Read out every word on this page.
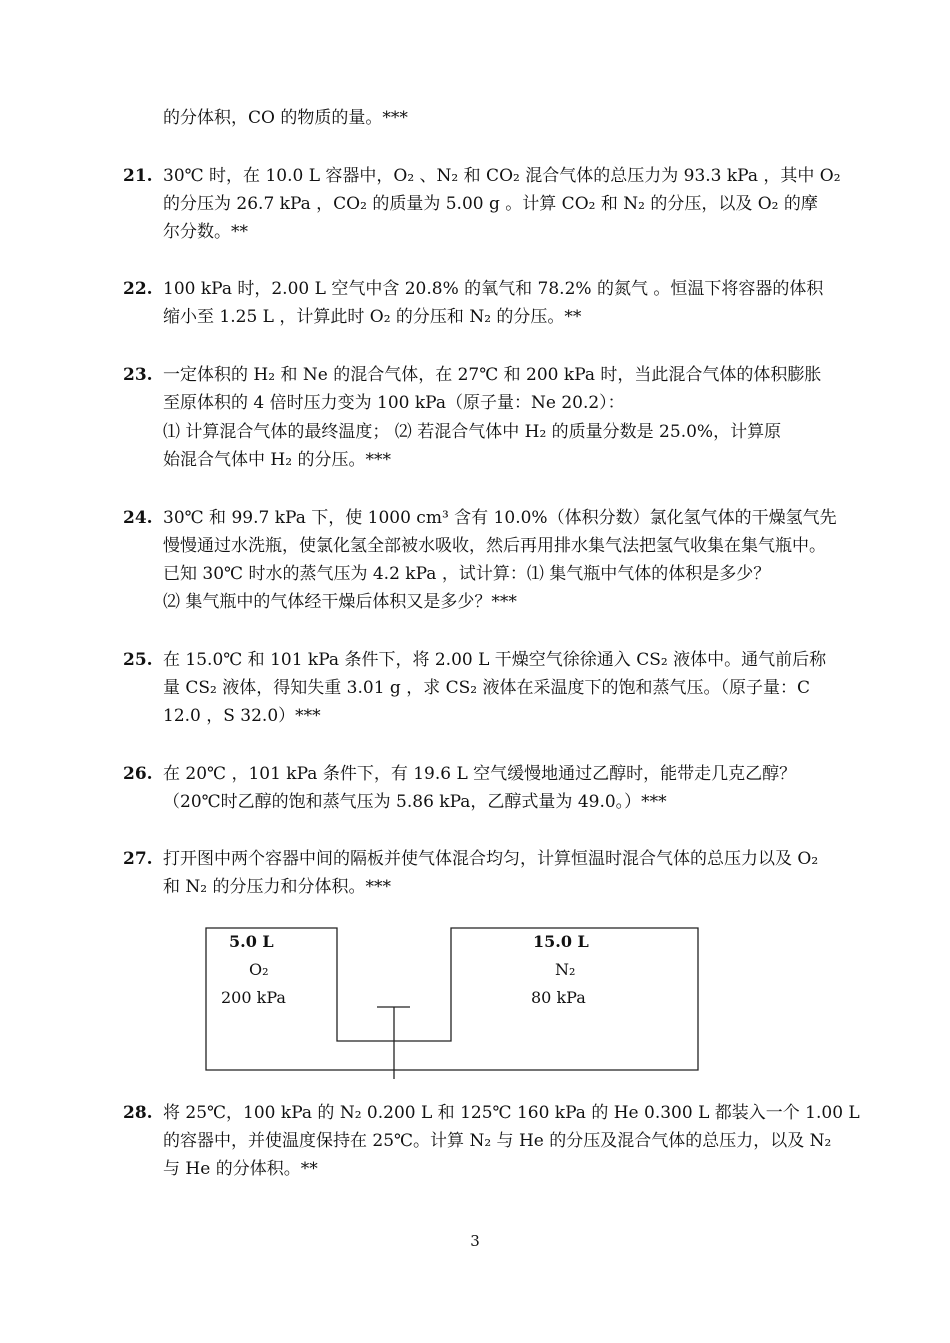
的分体积，CO 的物质的量。***
21. 30℃ 时，在 10.0 L 容器中，O₂ 、N₂ 和 CO₂ 混合气体的总压力为 93.3 kPa ，其中 O₂
的分压为 26.7 kPa ，CO₂ 的质量为 5.00 g 。计算 CO₂ 和 N₂ 的分压，以及 O₂ 的摩
尔分数。**
22. 100 kPa 时，2.00 L 空气中含 20.8% 的氧气和 78.2% 的氮气 。恒温下将容器的体积
缩小至 1.25 L ，计算此时 O₂ 的分压和 N₂ 的分压。**
23. 一定体积的 H₂ 和 Ne 的混合气体，在 27℃ 和 200 kPa 时，当此混合气体的体积膨胀
至原体积的 4 倍时压力变为 100 kPa（原子量：Ne 20.2）：
⑴ 计算混合气体的最终温度； ⑵ 若混合气体中 H₂ 的质量分数是 25.0%，计算原
始混合气体中 H₂ 的分压。***
24. 30℃ 和 99.7 kPa 下，使 1000 cm³ 含有 10.0%（体积分数）氯化氢气体的干燥氢气先
慢慢通过水洗瓶，使氯化氢全部被水吸收，然后再用排水集气法把氢气收集在集气瓶中。
已知 30℃ 时水的蒸气压为 4.2 kPa ，试计算：⑴ 集气瓶中气体的体积是多少？
⑵ 集气瓶中的气体经干燥后体积又是多少？***
25. 在 15.0℃ 和 101 kPa 条件下，将 2.00 L 干燥空气徐徐通入 CS₂ 液体中。通气前后称
量 CS₂ 液体，得知失重 3.01 g ，求 CS₂ 液体在采温度下的饱和蒸气压。（原子量：C
12.0 ，S 32.0）***
26. 在 20℃ ，101 kPa 条件下，有 19.6 L 空气缓慢地通过乙醇时，能带走几克乙醇？
（20℃时乙醇的饱和蒸气压为 5.86 kPa，乙醇式量为 49.0。）***
27. 打开图中两个容器中间的隔板并使气体混合均匀，计算恒温时混合气体的总压力以及 O₂
和 N₂ 的分压力和分体积。***
5.0 L
O₂
200 kPa
15.0 L
N₂
80 kPa
28. 将 25℃，100 kPa 的 N₂ 0.200 L 和 125℃ 160 kPa 的 He 0.300 L 都装入一个 1.00 L
的容器中，并使温度保持在 25℃。计算 N₂ 与 He 的分压及混合气体的总压力，以及 N₂
与 He 的分体积。**
3
